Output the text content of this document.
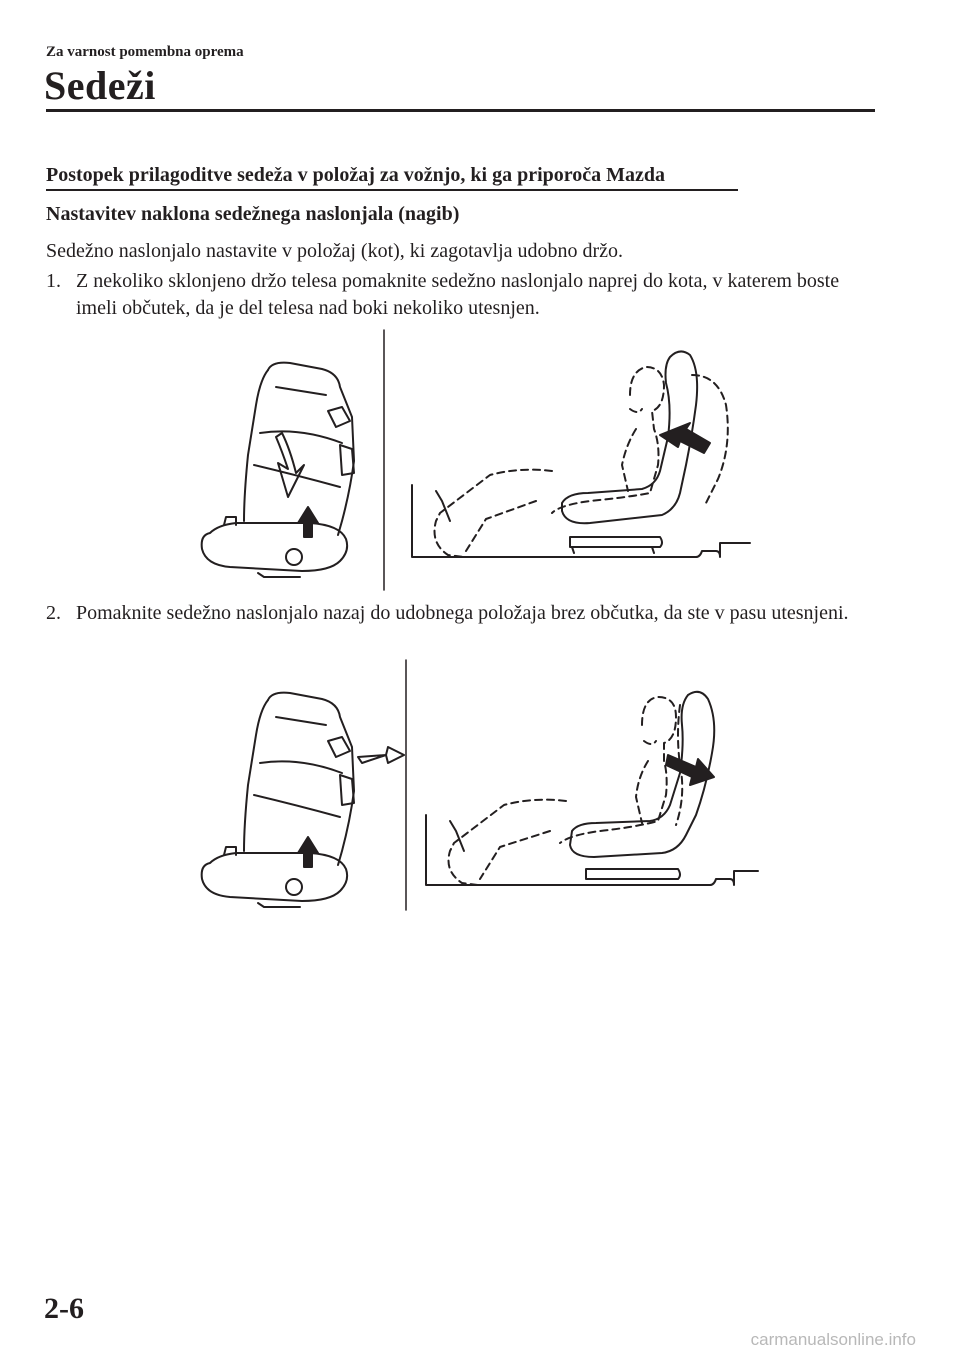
Za varnost pomembna oprema
Sedeži
Postopek prilagoditve sedeža v položaj za vožnjo, ki ga priporoča Mazda
Nastavitev naklona sedežnega naslonjala (nagib)
Sedežno naslonjalo nastavite v položaj (kot), ki zagotavlja udobno držo.
1. Z nekoliko sklonjeno držo telesa pomaknite sedežno naslonjalo naprej do kota, v katerem boste imeli občutek, da je del telesa nad boki nekoliko utesnjen.
2. Pomaknite sedežno naslonjalo nazaj do udobnega položaja brez občutka, da ste v pasu utesnjeni.
2-6
carmanualsonline.info
